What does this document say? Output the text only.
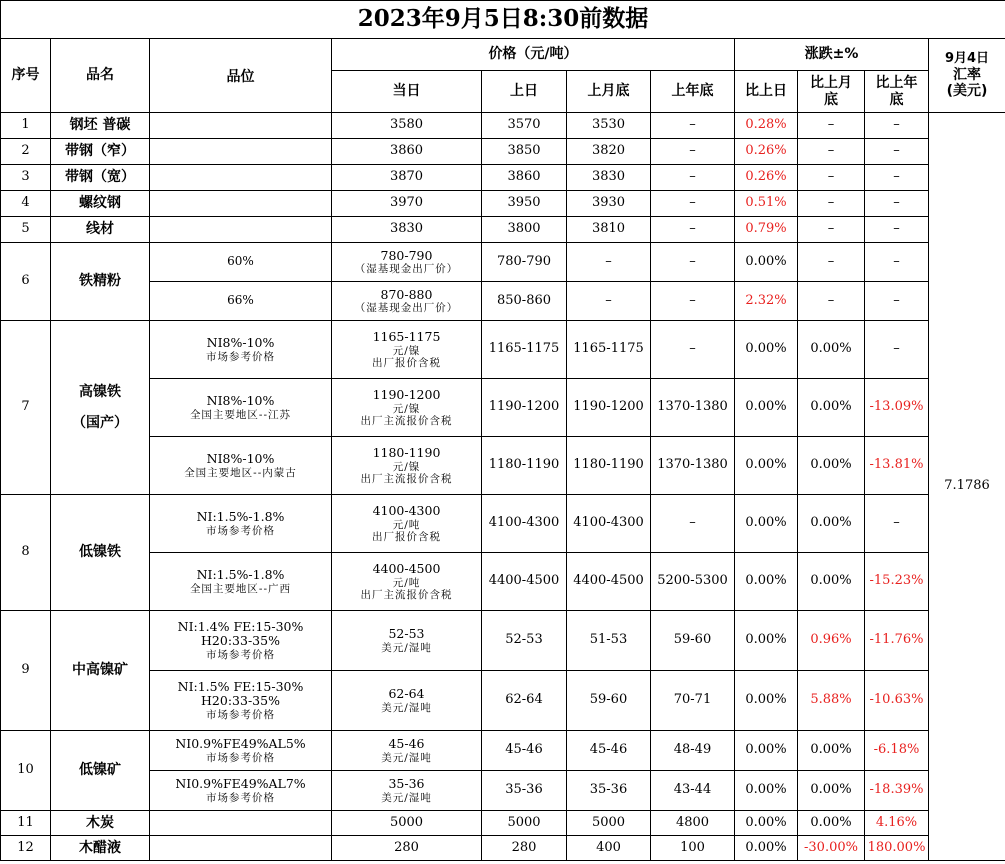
2023年9月5日8:30前数据										
序号	品名	品位	价格（元/吨）				涨跌±%			9月4日
汇率
(美元)

			当日	上日	上月底	上年底	比上日	比上月
底	比上年
底	

1	钢坯 普碳		3580	3570	3530	–	0.28%	–	–	7.1786
2	带钢（窄）		3860	3850	3820	–	0.26%	–	–	
3	带钢（宽）		3870	3860	3830	–	0.26%	–	–	
4	螺纹钢		3970	3950	3930	–	0.51%	–	–	
5	线材		3830	3800	3810	–	0.79%	–	–	
6	铁精粉	60%	780-790
（湿基现金出厂价）	780-790	–	–	0.00%	–	–	
		66%	870-880
（湿基现金出厂价）	850-860	–	–	2.32%	–	–	
7	高镍铁
（国产）	NI8%-10%
市场参考价格	1165-1175
元/镍
出厂报价含税	1165-1175	1165-1175	–	0.00%	0.00%	–	

		NI8%-10%
全国主要地区--江苏	1190-1200
元/镍
出厂主流报价含税	1190-1200	1190-1200	1370-1380	0.00%	0.00%	-13.09%	

		NI8%-10%
全国主要地区--内蒙古	1180-1190
元/镍
出厂主流报价含税	1180-1190	1180-1190	1370-1380	0.00%	0.00%	-13.81%	
8	低镍铁	NI:1.5%-1.8%
市场参考价格	4100-4300
元/吨
出厂报价含税	4100-4300	4100-4300	–	0.00%	0.00%	–	

		NI:1.5%-1.8%
全国主要地区--广西	4400-4500
元/吨
出厂主流报价含税	4400-4500	4400-4500	5200-5300	0.00%	0.00%	-15.23%	
9	中高镍矿	NI:1.4% FE:15-30%
H20:33-35%
市场参考价格	52-53
美元/湿吨	52-53	51-53	59-60	0.00%	0.96%	-11.76%	

		NI:1.5% FE:15-30%
H20:33-35%
市场参考价格	62-64
美元/湿吨	62-64	59-60	70-71	0.00%	5.88%	-10.63%	
10	低镍矿	NI0.9%FE49%AL5%
市场参考价格	45-46
美元/湿吨	45-46	45-46	48-49	0.00%	0.00%	-6.18%	

		NI0.9%FE49%AL7%
市场参考价格	35-36
美元/湿吨	35-36	35-36	43-44	0.00%	0.00%	-18.39%	
11	木炭		5000	5000	5000	4800	0.00%	0.00%	4.16%	
12	木醋液		280	280	400	100	0.00%	-30.00%	180.00%	
